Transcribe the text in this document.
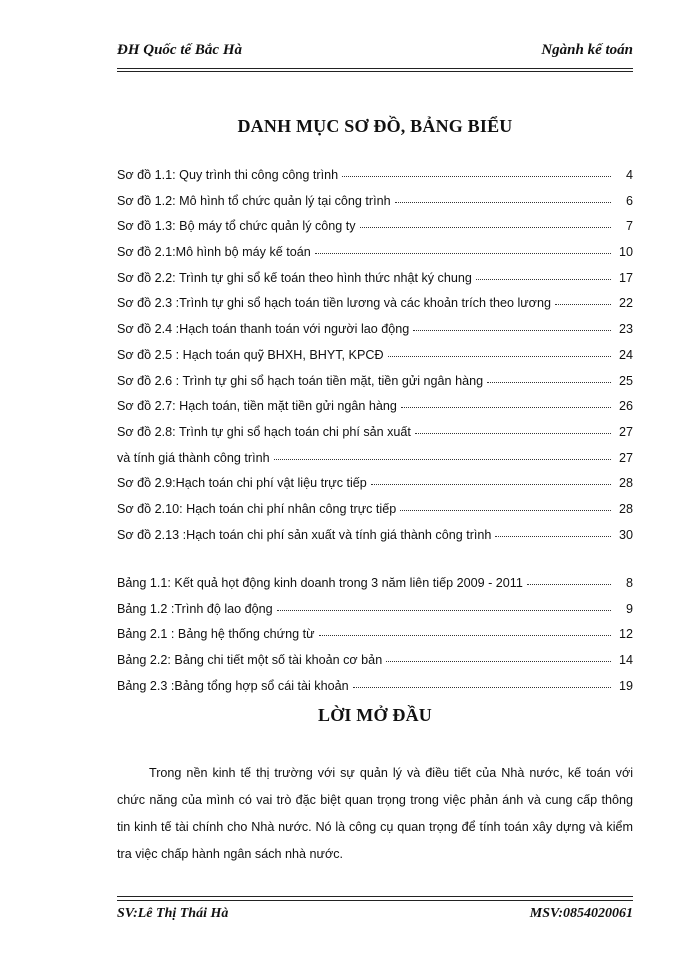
ĐH Quốc tế Bắc Hà	Ngành kế toán
DANH MỤC SƠ ĐỒ, BẢNG BIỂU
Sơ đồ 1.1: Quy trình thi công công trình	4
Sơ đồ 1.2: Mô hình tổ chức quản lý tại công trình	6
Sơ đồ 1.3: Bộ máy tổ chức quản lý công ty	7
Sơ đồ 2.1:Mô hình bộ máy kế toán	10
Sơ đồ 2.2: Trình tự ghi sổ kế toán theo hình thức nhật ký chung	17
Sơ đồ 2.3 :Trình tự ghi sổ hạch toán tiền lương và các khoản trích theo lương	22
Sơ đồ 2.4 :Hạch toán thanh toán với người lao động	23
Sơ đồ 2.5 : Hạch toán quỹ BHXH, BHYT, KPCĐ	24
Sơ đồ 2.6 : Trình tự ghi sổ hạch toán tiền mặt, tiền gửi ngân hàng	25
Sơ đồ 2.7: Hạch toán, tiền mặt tiền gửi ngân hàng	26
Sơ đồ 2.8: Trình tự ghi sổ hạch toán chi phí sản xuất	27
và tính giá thành công trình	27
Sơ đồ 2.9:Hạch toán chi phí vật liệu trực tiếp	28
Sơ đồ 2.10: Hạch toán chi phí nhân công trực tiếp	28
Sơ đồ 2.13 :Hạch toán chi phí sản xuất và tính giá thành công trình	30
Bảng 1.1: Kết quả họt động kinh doanh trong 3 năm liên tiếp 2009 - 2011	8
Bảng 1.2 :Trình độ lao động	9
Bảng 2.1 : Bảng hệ thống chứng từ	12
Bảng 2.2: Bảng chi tiết một số tài khoản cơ bản	14
Bảng 2.3 :Bảng tổng hợp sổ cái tài khoản	19
LỜI MỞ ĐẦU
Trong nền kinh tế thị trường với sự quản lý và điều tiết của Nhà nước, kế toán với chức năng của mình có vai trò đặc biệt quan trọng trong việc phản ánh và cung cấp thông tin kinh tế tài chính cho Nhà nước. Nó là công cụ quan trọng để tính toán xây dựng và kiểm tra việc chấp hành ngân sách nhà nước.
SV:Lê Thị Thái Hà	MSV:0854020061
